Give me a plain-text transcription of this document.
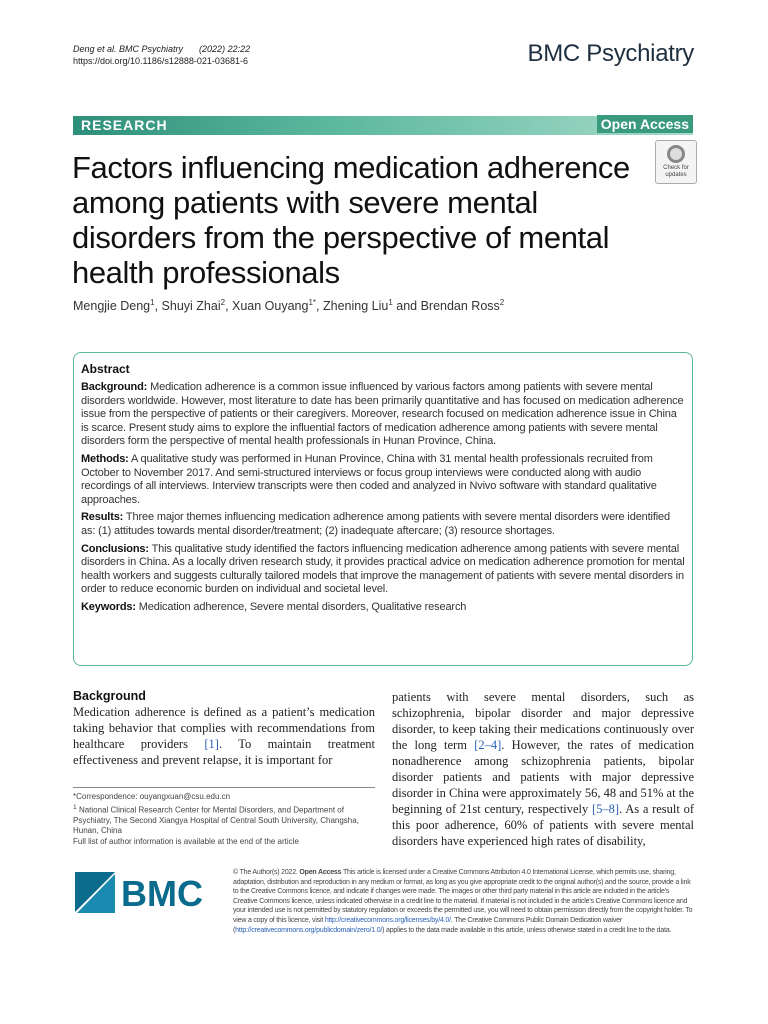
Deng et al. BMC Psychiatry (2022) 22:22
https://doi.org/10.1186/s12888-021-03681-6	BMC Psychiatry
RESEARCH	Open Access
Factors influencing medication adherence among patients with severe mental disorders from the perspective of mental health professionals
Check for
updates
Mengjie Deng$^1$, Shuyi Zhai$^2$, Xuan Ouyang$^{1*}$, Zhening Liu$^1$ and Brendan Ross$^2$
Abstract

Background: Medication adherence is a common issue influenced by various factors among patients with severe mental disorders worldwide. However, most literature to date has been primarily quantitative and has focused on medication adherence issue from the perspective of patients or their caregivers. Moreover, research focused on medication adherence issue in China is scarce. Present study aims to explore the influential factors of medication adherence among patients with severe mental disorders form the perspective of mental health professionals in Hunan Province, China.

Methods: A qualitative study was performed in Hunan Province, China with 31 mental health professionals recruited from October to November 2017. And semi-structured interviews or focus group interviews were conducted along with audio recordings of all interviews. Interview transcripts were then coded and analyzed in Nvivo software with standard qualitative approaches.

Results: Three major themes influencing medication adherence among patients with severe mental disorders were identified as: (1) attitudes towards mental disorder/treatment; (2) inadequate aftercare; (3) resource shortages.

Conclusions: This qualitative study identified the factors influencing medication adherence among patients with severe mental disorders in China. As a locally driven research study, it provides practical advice on medication adherence promotion for mental health workers and suggests culturally tailored models that improve the management of patients with severe mental disorders in order to reduce economic burden on individual and societal level.

Keywords: Medication adherence, Severe mental disorders, Qualitative research

Background

Medication adherence is defined as a patient’s medication taking behavior that complies with recommendations from healthcare providers [1]. To maintain treatment effectiveness and prevent relapse, it is important for

patients with severe mental disorders, such as schizophrenia, bipolar disorder and major depressive disorder, to keep taking their medications continuously over the long term [2–4]. However, the rates of medication nonadherence among schizophrenia patients, bipolar disorder patients and patients with major depressive disorder in China were approximately 56, 48 and 51% at the beginning of 21st century, respectively [5–8]. As a result of this poor adherence, 60% of patients with severe mental disorders have experienced high rates of disability,

*Correspondence: ouyangxuan@csu.edu.cn
$^1$ National Clinical Research Center for Mental Disorders, and Department of Psychiatry, The Second Xiangya Hospital of Central South University, Changsha, Hunan, China
Full list of author information is available at the end of the article
BMC
© The Author(s) 2022. Open Access This article is licensed under a Creative Commons Attribution 4.0 International License, which permits use, sharing, adaptation, distribution and reproduction in any medium or format, as long as you give appropriate credit to the original author(s) and the source, provide a link to the Creative Commons licence, and indicate if changes were made. The images or other third party material in this article are included in the article’s Creative Commons licence, unless indicated otherwise in a credit line to the material. If material is not included in the article’s Creative Commons licence and your intended use is not permitted by statutory regulation or exceeds the permitted use, you will need to obtain permission directly from the copyright holder. To view a copy of this licence, visit http://creativecommons.org/licenses/by/4.0/. The Creative Commons Public Domain Dedication waiver (http://creativecommons.org/publicdomain/zero/1.0/) applies to the data made available in this article, unless otherwise stated in a credit line to the data.
